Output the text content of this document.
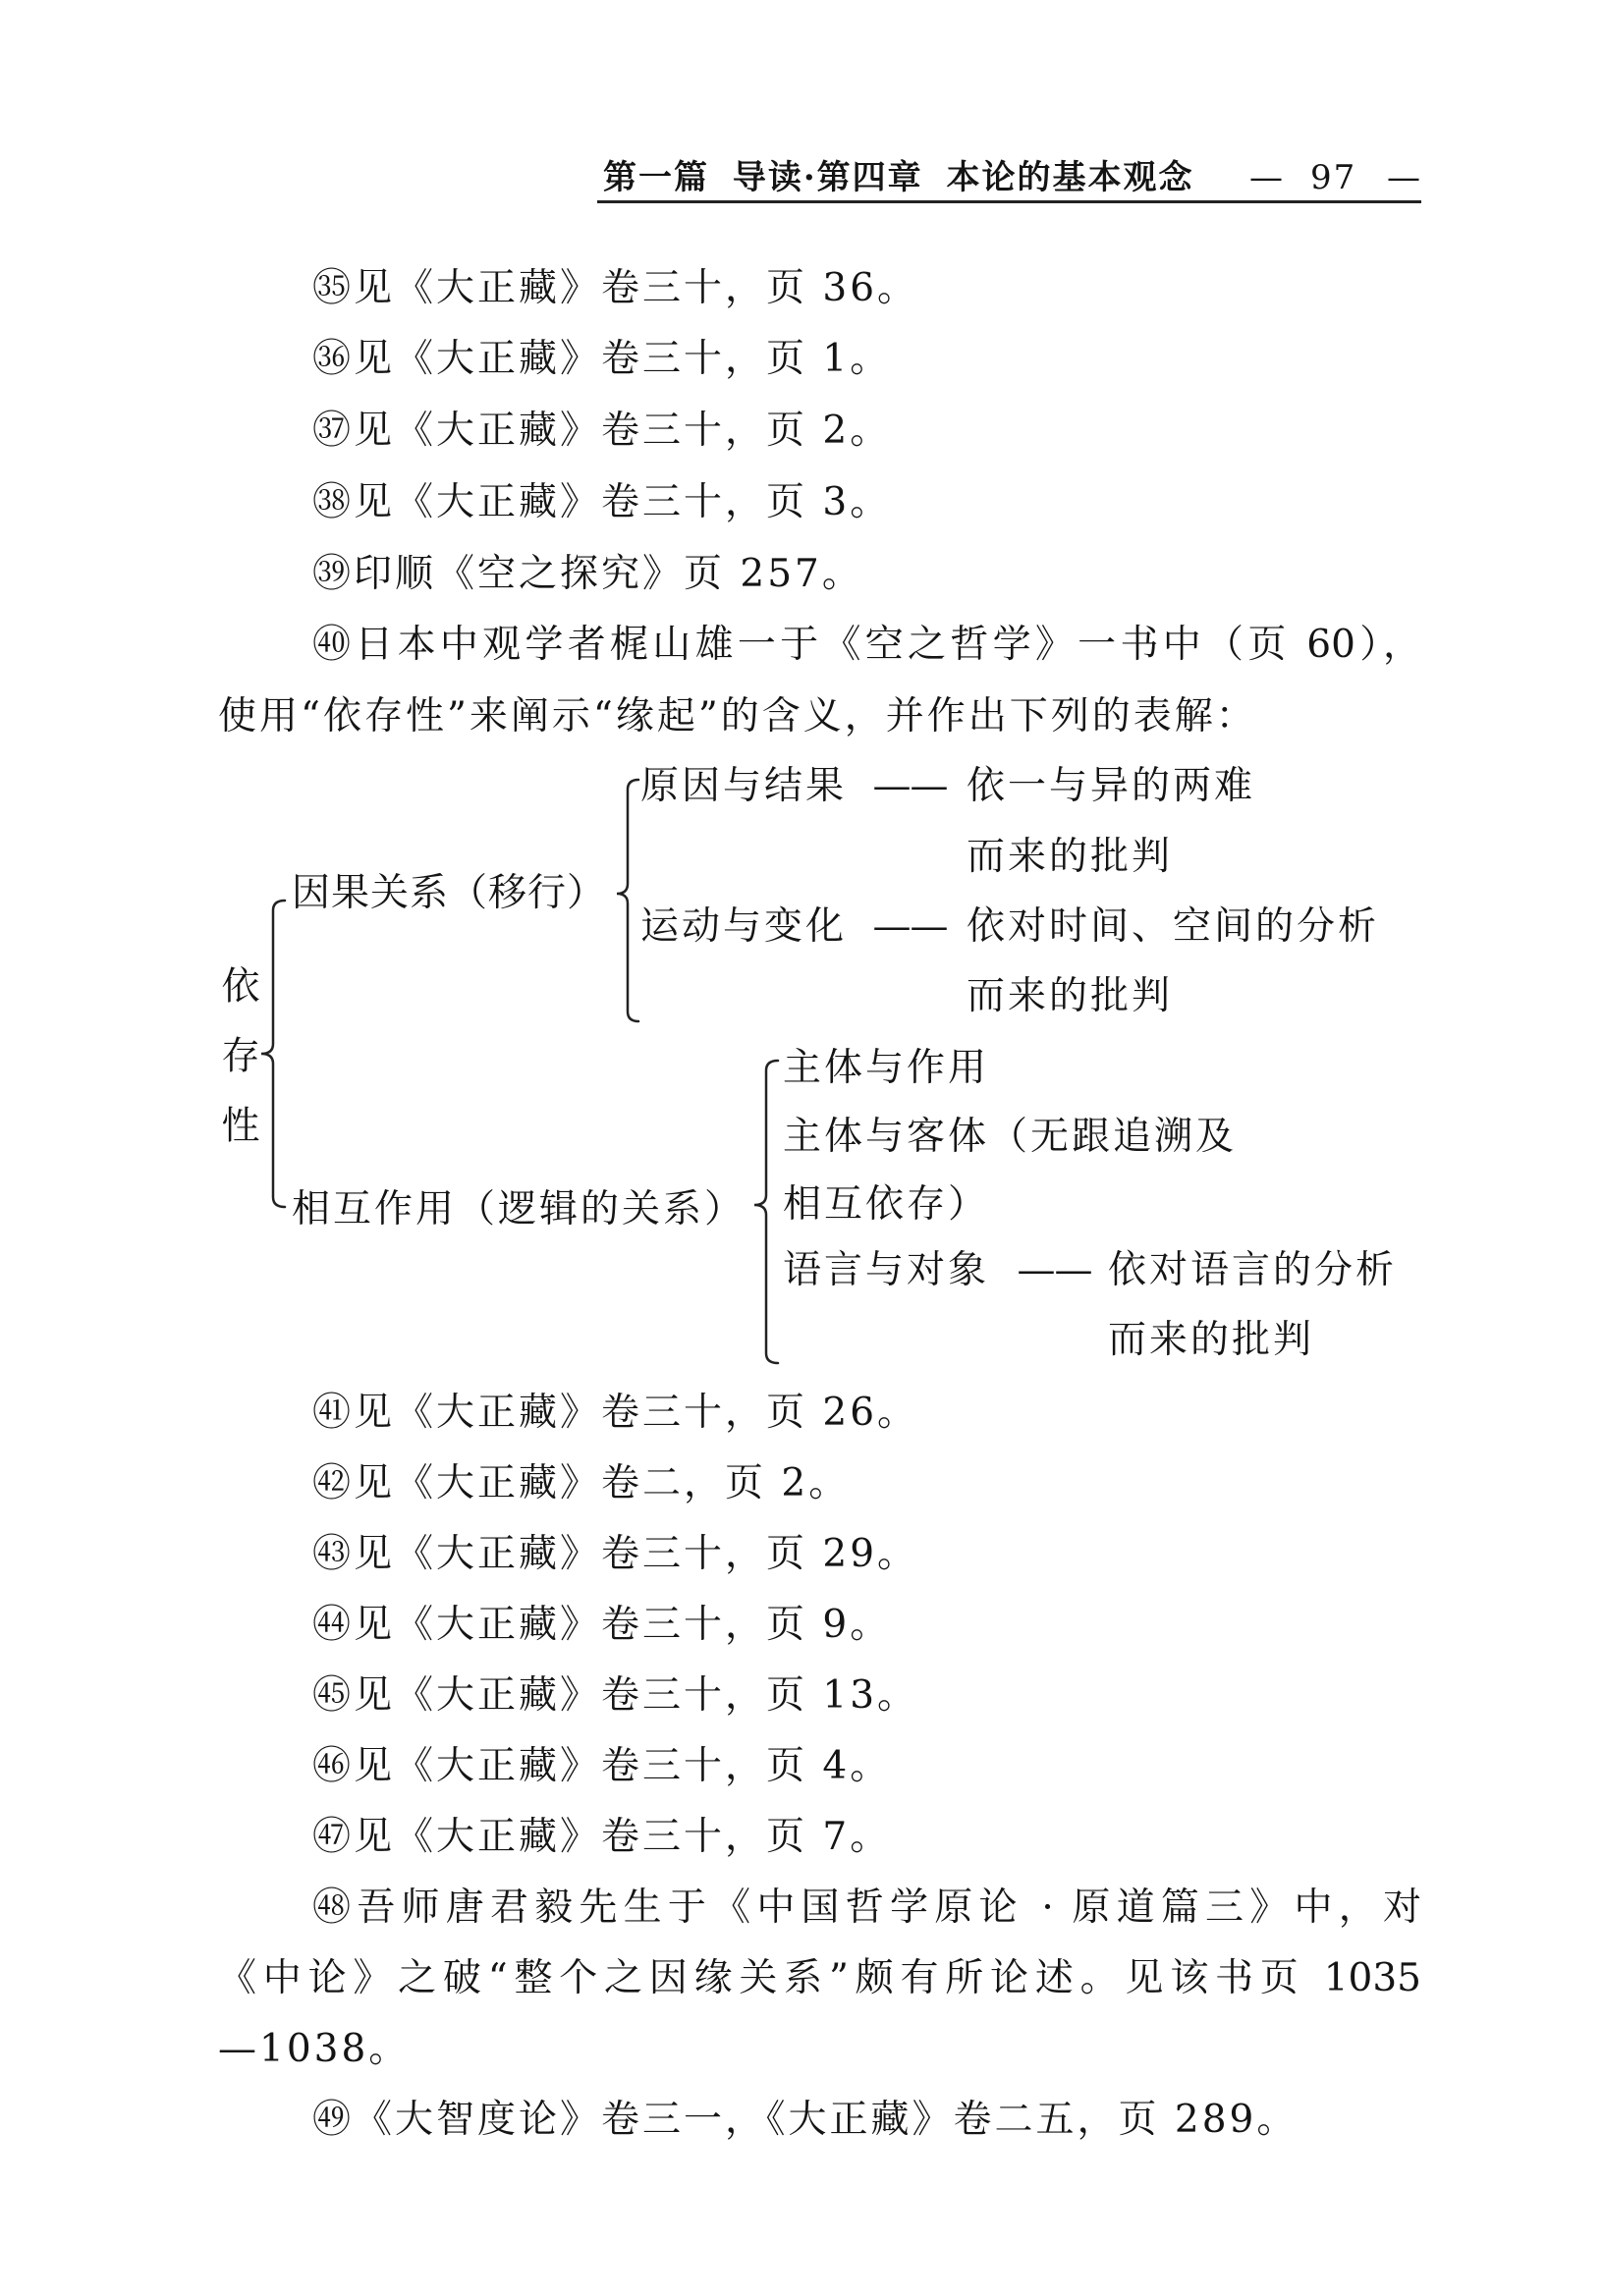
第一篇 导读·第四章 本论的基本观念 — 97 —
㉟见《大正藏》卷三十，页 36。
㊱见《大正藏》卷三十，页 1。
㊲见《大正藏》卷三十，页 2。
㊳见《大正藏》卷三十，页 3。
㊴印顺《空之探究》页 257。
㊵日本中观学者梶山雄一于《空之哲学》一书中（页 60），
使用“依存性”来阐示“缘起”的含义，并作出下列的表解：
依存性
因果关系（移行）
原因与结果 —— 依一与异的两难
而来的批判
运动与变化 —— 依对时间、空间的分析
而来的批判
相互作用（逻辑的关系）
主体与作用
主体与客体（无跟追溯及
相互依存）
语言与对象 —— 依对语言的分析
而来的批判
㊶见《大正藏》卷三十，页 26。
㊷见《大正藏》卷二，页 2。
㊸见《大正藏》卷三十，页 29。
㊹见《大正藏》卷三十，页 9。
㊺见《大正藏》卷三十，页 13。
㊻见《大正藏》卷三十，页 4。
㊼见《大正藏》卷三十，页 7。
㊽吾师唐君毅先生于《中国哲学原论 · 原道篇三》中，对
《中论》之破“整个之因缘关系”颇有所论述。见该书页 1035
—1038。
㊾《大智度论》卷三一，《大正藏》卷二五，页 289。
